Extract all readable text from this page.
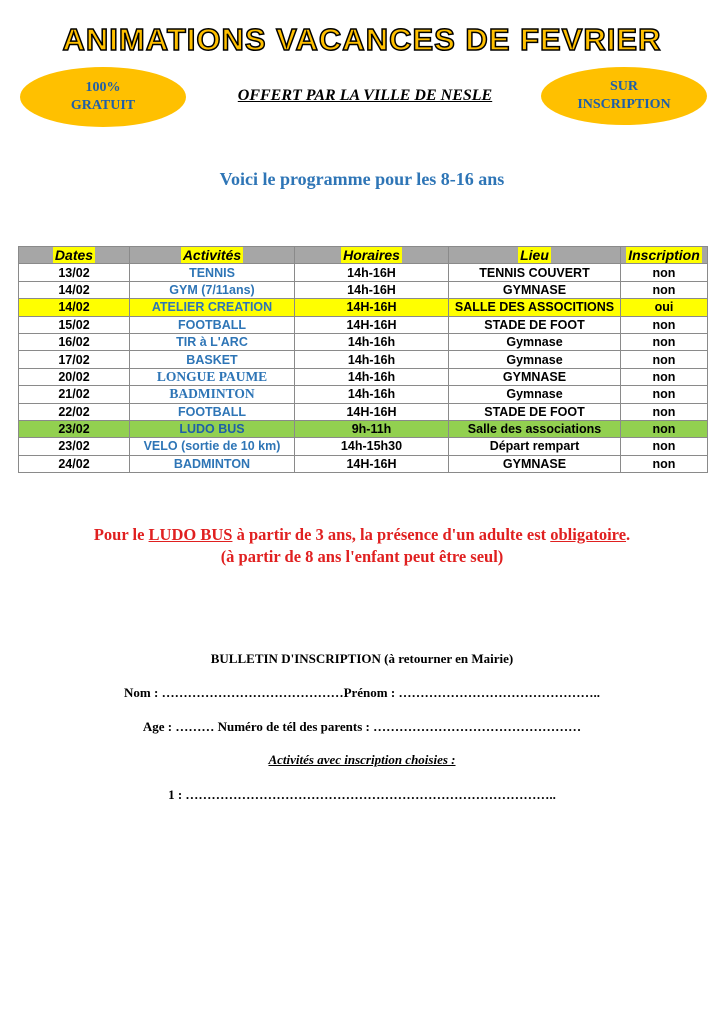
ANIMATIONS VACANCES DE FEVRIER
100%
GRATUIT
OFFERT PAR LA VILLE DE NESLE
SUR
INSCRIPTION
Voici le programme pour les 8-16 ans
Dates	Activités	Horaires	Lieu	Inscription
13/02	TENNIS	14h-16H	TENNIS COUVERT	non
14/02	GYM (7/11ans)	14h-16H	GYMNASE	non
14/02	ATELIER CREATION	14H-16H	SALLE DES ASSOCITIONS	oui
15/02	FOOTBALL	14H-16H	STADE DE FOOT	non
16/02	TIR à L'ARC	14h-16h	Gymnase	non
17/02	BASKET	14h-16h	Gymnase	non
20/02	LONGUE PAUME	14h-16h	GYMNASE	non
21/02	BADMINTON	14h-16h	Gymnase	non
22/02	FOOTBALL	14H-16H	STADE DE FOOT	non
23/02	LUDO BUS	9h-11h	Salle des associations	non
23/02	VELO (sortie de 10 km)	14h-15h30	Départ rempart	non
24/02	BADMINTON	14H-16H	GYMNASE	non
Pour le LUDO BUS à partir de 3 ans, la présence d'un adulte est obligatoire.
(à partir de 8 ans l'enfant peut être seul)
BULLETIN D'INSCRIPTION (à retourner en Mairie)
Nom : ……………………………………Prénom : ………………………………………..
Age : ……… Numéro de tél des parents : …………………………………………
Activités avec inscription choisies :
1 : …………………………………………………………………………..
